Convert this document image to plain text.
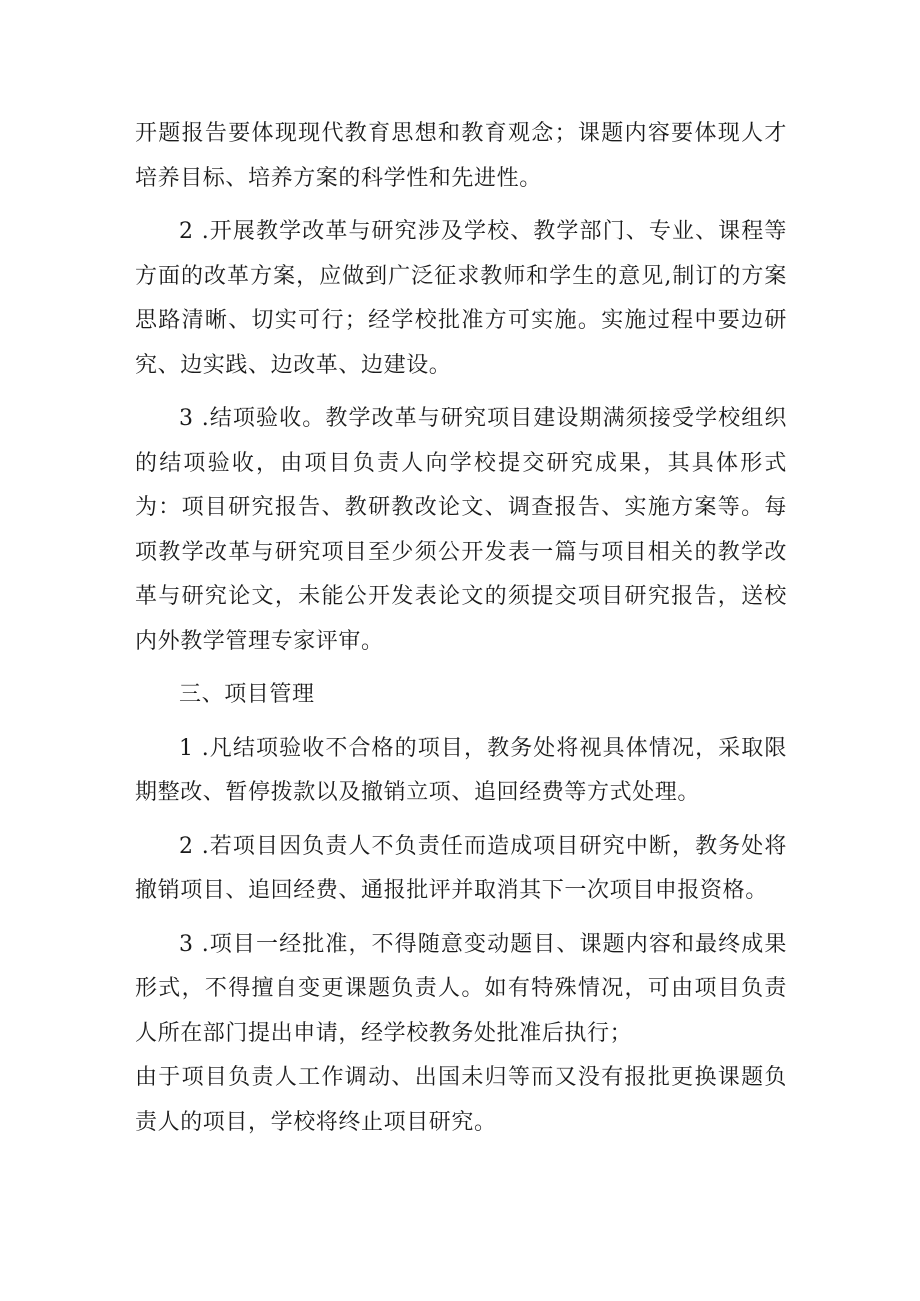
开题报告要体现现代教育思想和教育观念；课题内容要体现人才培养目标、培养方案的科学性和先进性。

2 .开展教学改革与研究涉及学校、教学部门、专业、课程等方面的改革方案，应做到广泛征求教师和学生的意见,制订的方案思路清晰、切实可行；经学校批准方可实施。实施过程中要边研究、边实践、边改革、边建设。

3 .结项验收。教学改革与研究项目建设期满须接受学校组织的结项验收，由项目负责人向学校提交研究成果，其具体形式为：项目研究报告、教研教改论文、调查报告、实施方案等。每项教学改革与研究项目至少须公开发表一篇与项目相关的教学改革与研究论文，未能公开发表论文的须提交项目研究报告，送校内外教学管理专家评审。

三、项目管理

1 .凡结项验收不合格的项目，教务处将视具体情况，采取限期整改、暂停拨款以及撤销立项、追回经费等方式处理。

2 .若项目因负责人不负责任而造成项目研究中断，教务处将撤销项目、追回经费、通报批评并取消其下一次项目申报资格。

3 .项目一经批准，不得随意变动题目、课题内容和最终成果形式，不得擅自变更课题负责人。如有特殊情况，可由项目负责人所在部门提出申请，经学校教务处批准后执行；

由于项目负责人工作调动、出国未归等而又没有报批更换课题负责人的项目，学校将终止项目研究。
